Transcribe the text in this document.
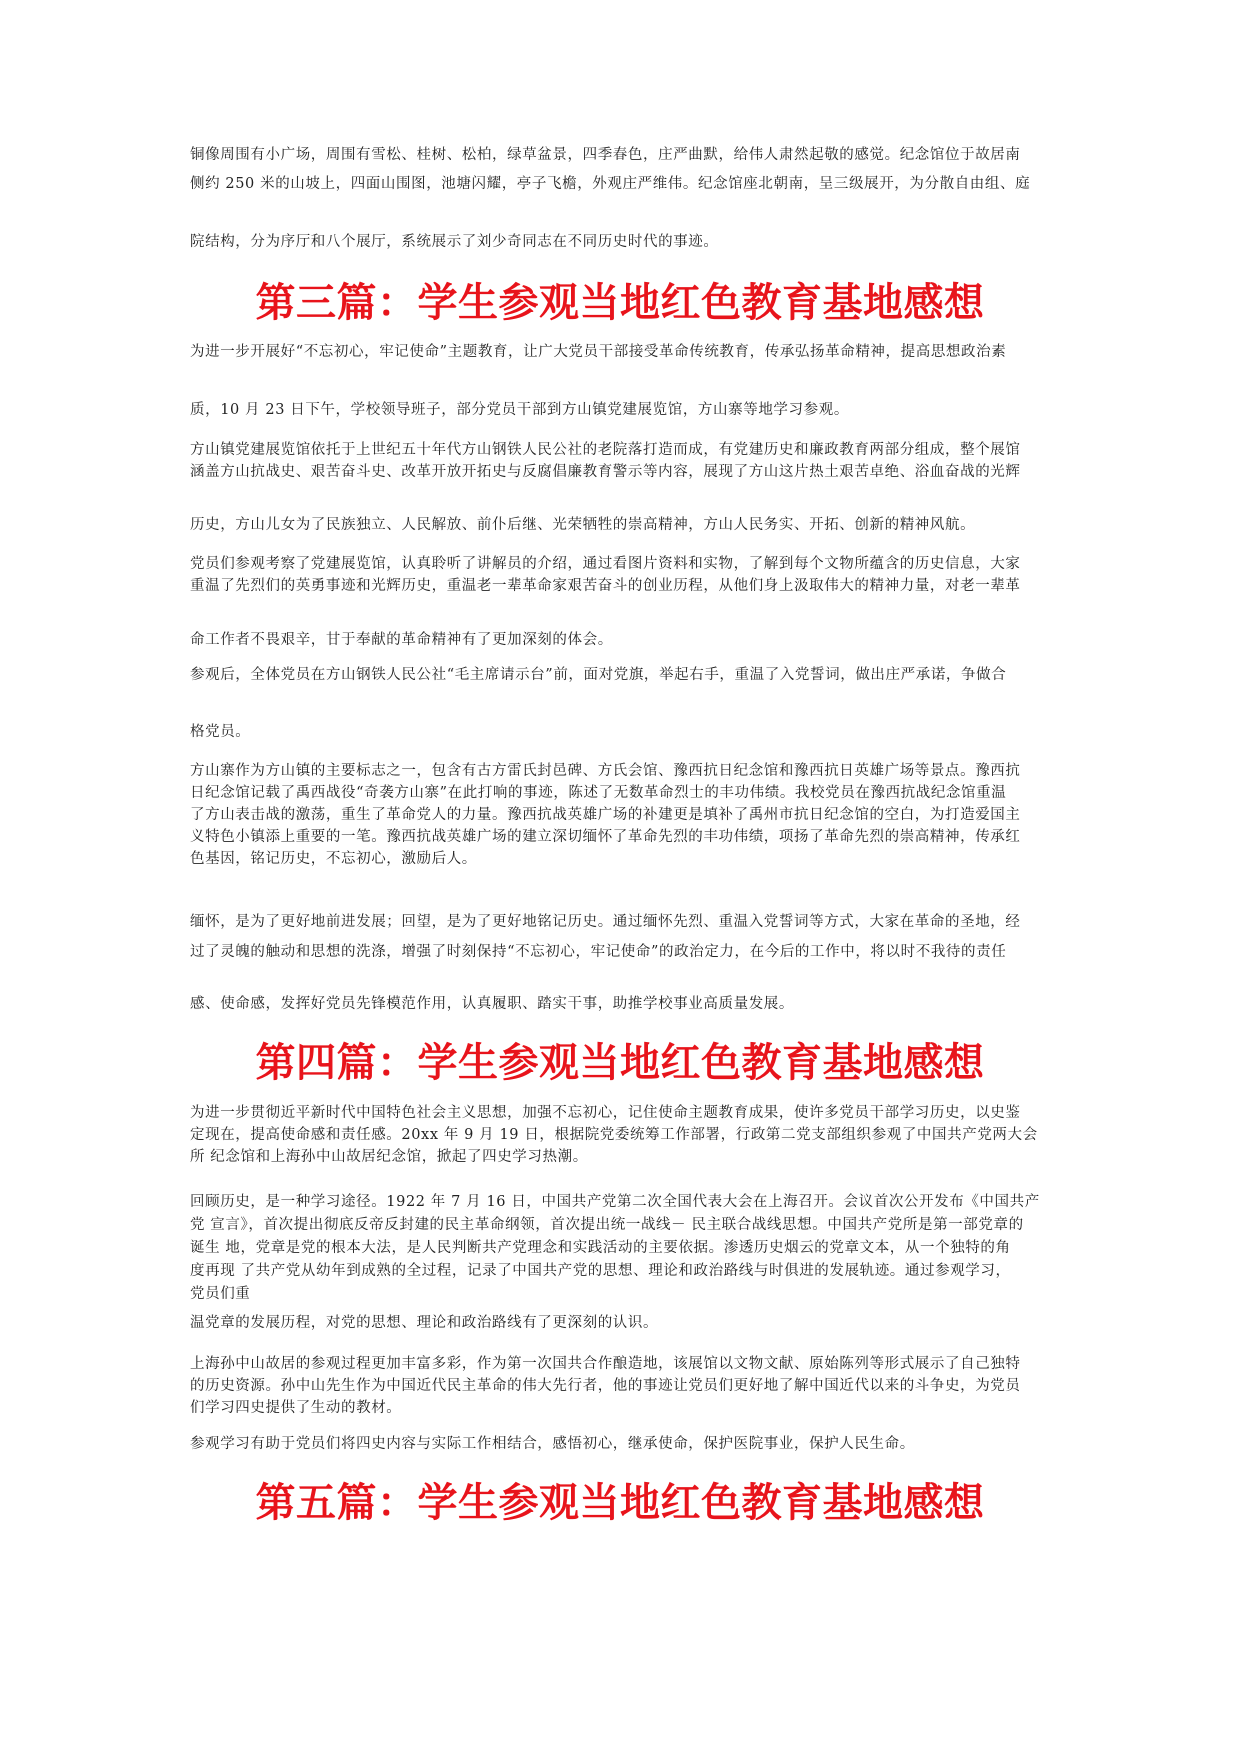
铜像周围有小广场，周围有雪松、桂树、松柏，绿草盆景，四季春色，庄严曲默，给伟人肃然起敬的感觉。纪念馆位于故居南
侧约 250 米的山坡上，四面山围图，池塘闪耀，亭子飞檐，外观庄严维伟。纪念馆座北朝南，呈三级展开，为分散自由组、庭

院结构，分为序厅和八个展厅，系统展示了刘少奇同志在不同历史时代的事迹。
第三篇：学生参观当地红色教育基地感想
为进一步开展好“不忘初心，牢记使命”主题教育，让广大党员干部接受革命传统教育，传承弘扬革命精神，提高思想政治素
质，10 月 23 日下午，学校领导班子，部分党员干部到方山镇党建展览馆，方山寨等地学习参观。

方山镇党建展览馆依托于上世纪五十年代方山钢铁人民公社的老院落打造而成，有党建历史和廉政教育两部分组成，整个展馆
涵盖方山抗战史、艰苦奋斗史、改革开放开拓史与反腐倡廉教育警示等内容，展现了方山这片热土艰苦卓绝、浴血奋战的光辉

历史，方山儿女为了民族独立、人民解放、前仆后继、光荣牺牲的崇高精神，方山人民务实、开拓、创新的精神风航。

党员们参观考察了党建展览馆，认真聆听了讲解员的介绍，通过看图片资料和实物，了解到每个文物所蕴含的历史信息，大家
重温了先烈们的英勇事迹和光辉历史，重温老一辈革命家艰苦奋斗的创业历程，从他们身上汲取伟大的精神力量，对老一辈革

命工作者不畏艰辛，甘于奉献的革命精神有了更加深刻的体会。
参观后，全体党员在方山钢铁人民公社“毛主席请示台”前，面对党旗，举起右手，重温了入党誓词，做出庄严承诺，争做合
格党员。

方山寨作为方山镇的主要标志之一，包含有古方雷氏封邑碑、方氏会馆、豫西抗日纪念馆和豫西抗日英雄广场等景点。豫西抗
日纪念馆记载了禹西战役“奇袭方山寨”在此打响的事迹，陈述了无数革命烈士的丰功伟绩。我校党员在豫西抗战纪念馆重温
了方山表击战的激荡，重生了革命党人的力量。豫西抗战英雄广场的补建更是填补了禹州市抗日纪念馆的空白，为打造爱国主
义特色小镇添上重要的一笔。豫西抗战英雄广场的建立深切缅怀了革命先烈的丰功伟绩，项扬了革命先烈的崇高精神，传承红
色基因，铭记历史，不忘初心，激励后人。

缅怀，是为了更好地前进发展；回望，是为了更好地铭记历史。通过缅怀先烈、重温入党誓词等方式，大家在革命的圣地，经
过了灵魄的触动和思想的洗涤，增强了时刻保持“不忘初心，牢记使命”的政治定力，在今后的工作中，将以时不我待的责任

感、使命感，发挥好党员先锋模范作用，认真履职、踏实干事，助推学校事业高质量发展。
第四篇：学生参观当地红色教育基地感想

为进一步贯彻近平新时代中国特色社会主义思想，加强不忘初心，记住使命主题教育成果，使许多党员干部学习历史，以史鉴
定现在，提高使命感和责任感。20xx 年 9 月 19 日，根据院党委统筹工作部署，行政第二党支部组织参观了中国共产党两大会
所 纪念馆和上海孙中山故居纪念馆，掀起了四史学习热潮。

回顾历史，是一种学习途径。1922 年 7 月 16 日，中国共产党第二次全国代表大会在上海召开。会议首次公开发布《中国共产
党 宣言》，首次提出彻底反帝反封建的民主革命纲领，首次提出统一战线－ 民主联合战线思想。中国共产党所是第一部党章的
诞生 地，党章是党的根本大法，是人民判断共产党理念和实践活动的主要依据。渗透历史烟云的党章文本，从一个独特的角
度再现 了共产党从幼年到成熟的全过程，记录了中国共产党的思想、理论和政治路线与时俱进的发展轨迹。通过参观学习，
党员们重

温党章的发展历程，对党的思想、理论和政治路线有了更深刻的认识。

上海孙中山故居的参观过程更加丰富多彩，作为第一次国共合作酿造地，该展馆以文物文献、原始陈列等形式展示了自己独特
的历史资源。孙中山先生作为中国近代民主革命的伟大先行者，他的事迹让党员们更好地了解中国近代以来的斗争史，为党员
们学习四史提供了生动的教材。

参观学习有助于党员们将四史内容与实际工作相结合，感悟初心，继承使命，保护医院事业，保护人民生命。
第五篇：学生参观当地红色教育基地感想
